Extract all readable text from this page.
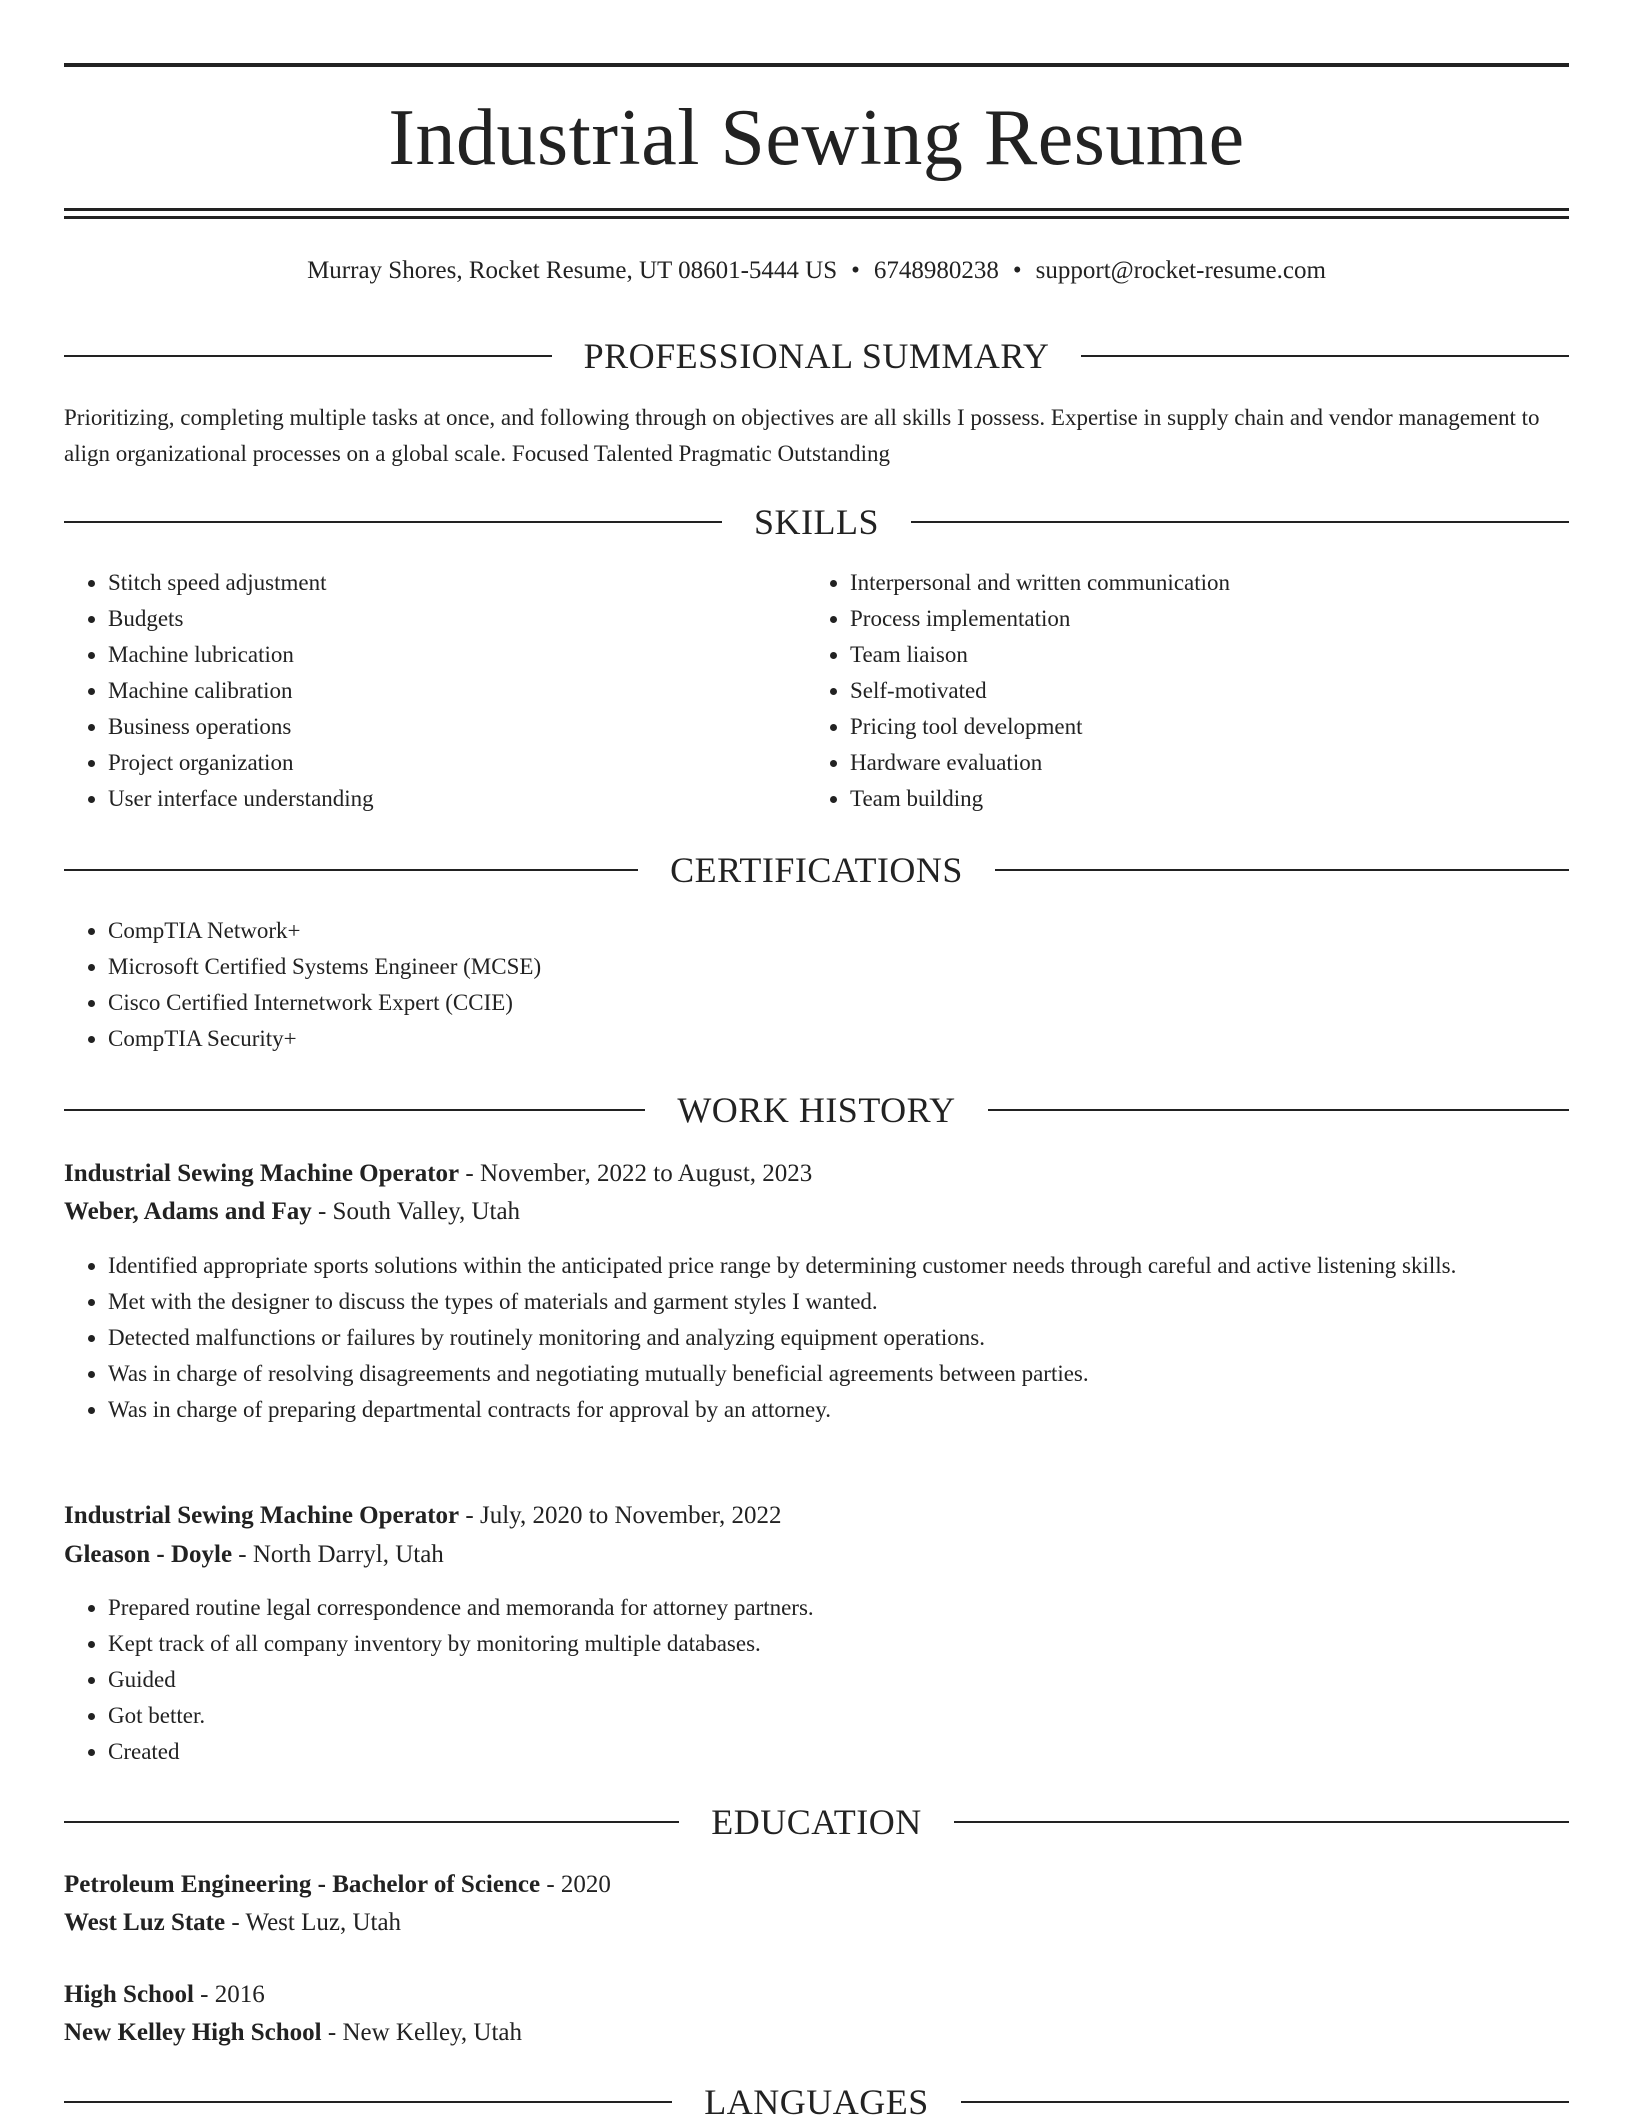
Industrial Sewing Resume
Murray Shores, Rocket Resume, UT 08601-5444 US • 6748980238 • support@rocket-resume.com
PROFESSIONAL SUMMARY

Prioritizing, completing multiple tasks at once, and following through on objectives are all skills I possess. Expertise in supply chain and vendor management to align organizational processes on a global scale. Focused Talented Pragmatic Outstanding

SKILLS
• Stitch speed adjustment
• Budgets
• Machine lubrication
• Machine calibration
• Business operations
• Project organization
• User interface understanding
• Interpersonal and written communication
• Process implementation
• Team liaison
• Self-motivated
• Pricing tool development
• Hardware evaluation
• Team building
CERTIFICATIONS
• CompTIA Network+
• Microsoft Certified Systems Engineer (MCSE)
• Cisco Certified Internetwork Expert (CCIE)
• CompTIA Security+
WORK HISTORY
Industrial Sewing Machine Operator - November, 2022 to August, 2023
Weber, Adams and Fay - South Valley, Utah
• Identified appropriate sports solutions within the anticipated price range by determining customer needs through careful and active listening skills.
• Met with the designer to discuss the types of materials and garment styles I wanted.
• Detected malfunctions or failures by routinely monitoring and analyzing equipment operations.
• Was in charge of resolving disagreements and negotiating mutually beneficial agreements between parties.
• Was in charge of preparing departmental contracts for approval by an attorney.
Industrial Sewing Machine Operator - July, 2020 to November, 2022
Gleason - Doyle - North Darryl, Utah
• Prepared routine legal correspondence and memoranda for attorney partners.
• Kept track of all company inventory by monitoring multiple databases.
• Guided
• Got better.
• Created
EDUCATION
Petroleum Engineering - Bachelor of Science - 2020
West Luz State - West Luz, Utah
High School - 2016
New Kelley High School - New Kelley, Utah
LANGUAGES
